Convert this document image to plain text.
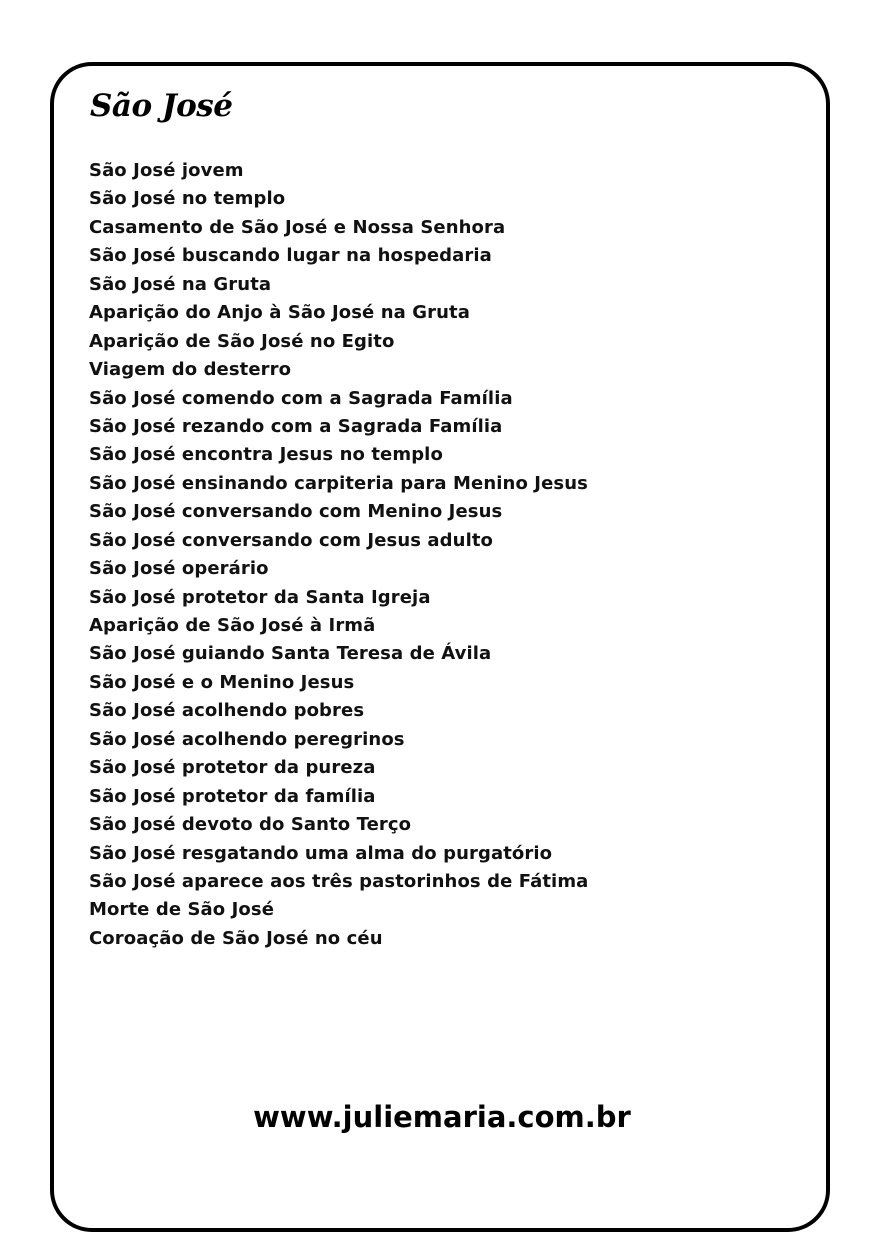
São José
São José jovem
São José no templo
Casamento de São José e Nossa Senhora
São José buscando lugar na hospedaria
São José na Gruta
Aparição do Anjo à São José na Gruta
Aparição de São José no Egito
Viagem do desterro
São José comendo com a Sagrada Família
São José rezando com a Sagrada Família
São José encontra Jesus no templo
São José ensinando carpiteria para Menino Jesus
São José conversando com Menino Jesus
São José conversando com Jesus adulto
São José operário
São José protetor da Santa Igreja
Aparição de São José à Irmã
São José guiando Santa Teresa de Ávila
São José e o Menino Jesus
São José acolhendo pobres
São José acolhendo peregrinos
São José protetor da pureza
São José protetor da família
São José devoto do Santo Terço
São José resgatando uma alma do purgatório
São José aparece aos três pastorinhos de Fátima
Morte de São José
Coroação de São José no céu
www.juliemaria.com.br
